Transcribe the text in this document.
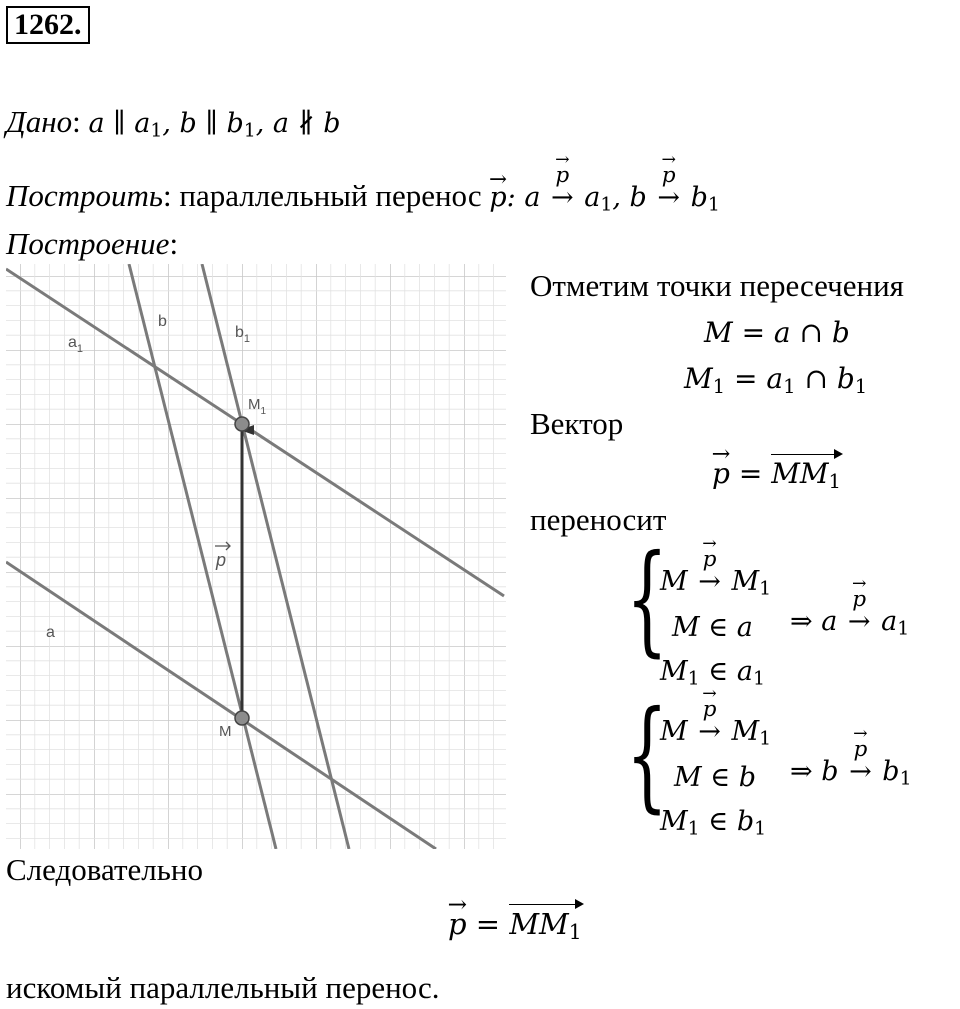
1262.
Дано: a ∥ $a_1$, b ∥ $b_1$, a ∦ b
Построить: параллельный перенос → p: a
→ p
→ $a_1$, b
→ p
→ $b_1$
Построение:
$a_1$
a
b
$b_1$
$M_1$
M
p
Отметим точки пересечения
M = a ∩ b
$M_1 = a_1$ ∩ $b_1$
Вектор
→ $p = MM_1$
переносит
{
M
→ p
→ $M_1$
M ∈ a
$M_1$ ∈ $a_1$
⇒ a
→ p
→ $a_1$
{
M
→ p
→ $M_1$
M ∈ b
$M_1$ ∈ $b_1$
⇒ b
→ p
→ $b_1$
Следовательно
→ $p = MM_1$
искомый параллельный перенос.
